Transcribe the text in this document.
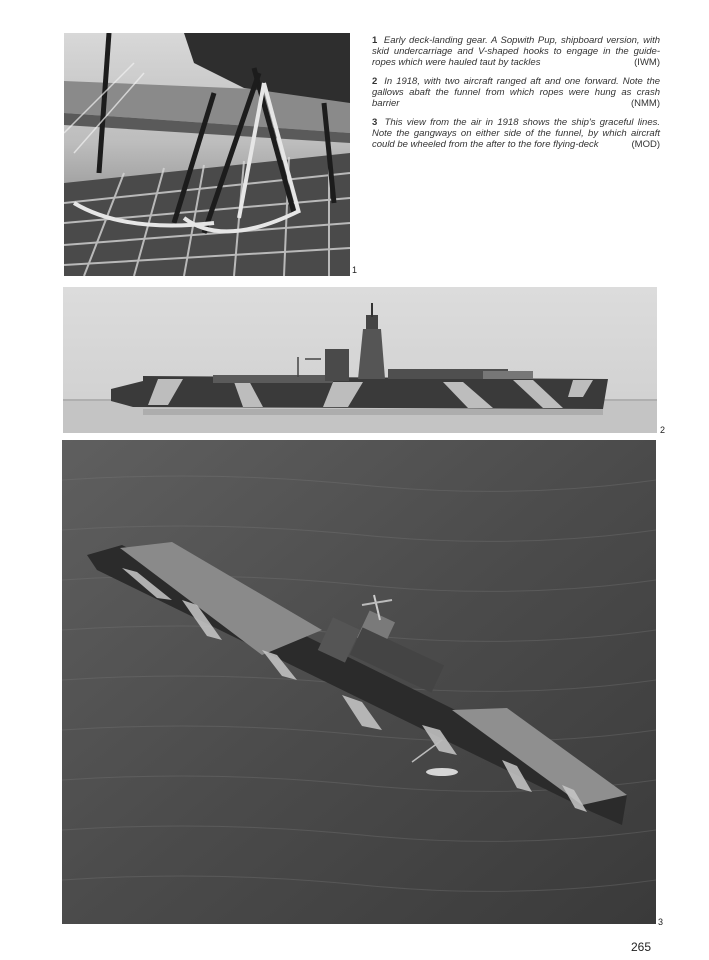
1
1 Early deck-landing gear. A Sopwith Pup, shipboard version, with skid undercarriage and V-shaped hooks to engage in the guide-ropes which were hauled taut by tackles	(IWM)
2 In 1918, with two aircraft ranged aft and one forward. Note the gallows abaft the funnel from which ropes were hung as crash barrier	(NMM)
3 This view from the air in 1918 shows the ship's graceful lines. Note the gangways on either side of the funnel, by which aircraft could be wheeled from the after to the fore flying-deck	(MOD)
2
3
265
